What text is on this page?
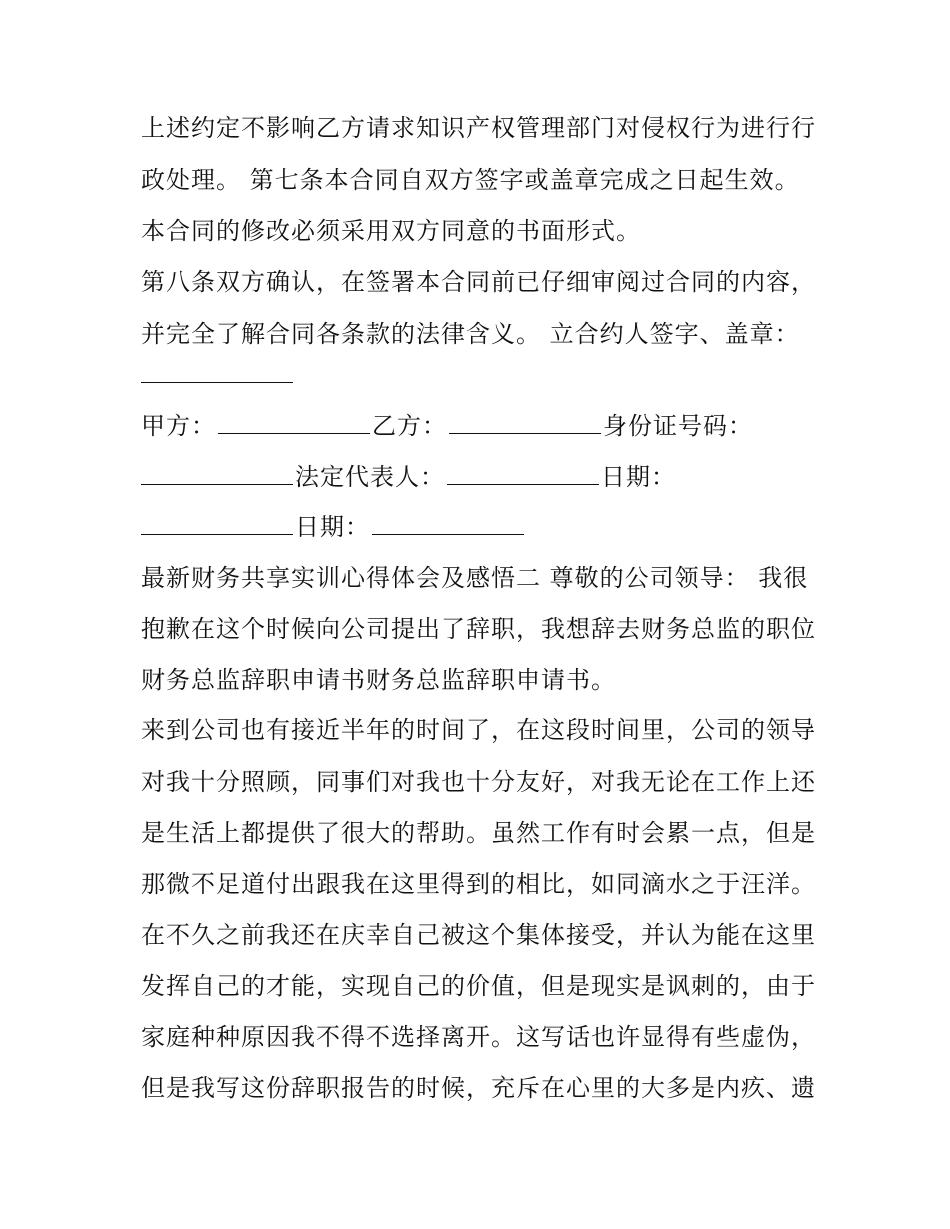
上述约定不影响乙方请求知识产权管理部门对侵权行为进行行
政处理。 第七条本合同自双方签字或盖章完成之日起生效。
本合同的修改必须采用双方同意的书面形式。
第八条双方确认，在签署本合同前已仔细审阅过合同的内容，
并完全了解合同各条款的法律含义。 立合约人签字、盖章：
甲方：	乙方：	身份证号码：
法定代表人：	日期：
日期：
最新财务共享实训心得体会及感悟二 尊敬的公司领导： 我很
抱歉在这个时候向公司提出了辞职，我想辞去财务总监的职位
财务总监辞职申请书财务总监辞职申请书。
来到公司也有接近半年的时间了，在这段时间里，公司的领导
对我十分照顾，同事们对我也十分友好，对我无论在工作上还
是生活上都提供了很大的帮助。虽然工作有时会累一点，但是
那微不足道付出跟我在这里得到的相比，如同滴水之于汪洋。
在不久之前我还在庆幸自己被这个集体接受，并认为能在这里
发挥自己的才能，实现自己的价值，但是现实是讽刺的，由于
家庭种种原因我不得不选择离开。这写话也许显得有些虚伪，
但是我写这份辞职报告的时候，充斥在心里的大多是内疚、遗
